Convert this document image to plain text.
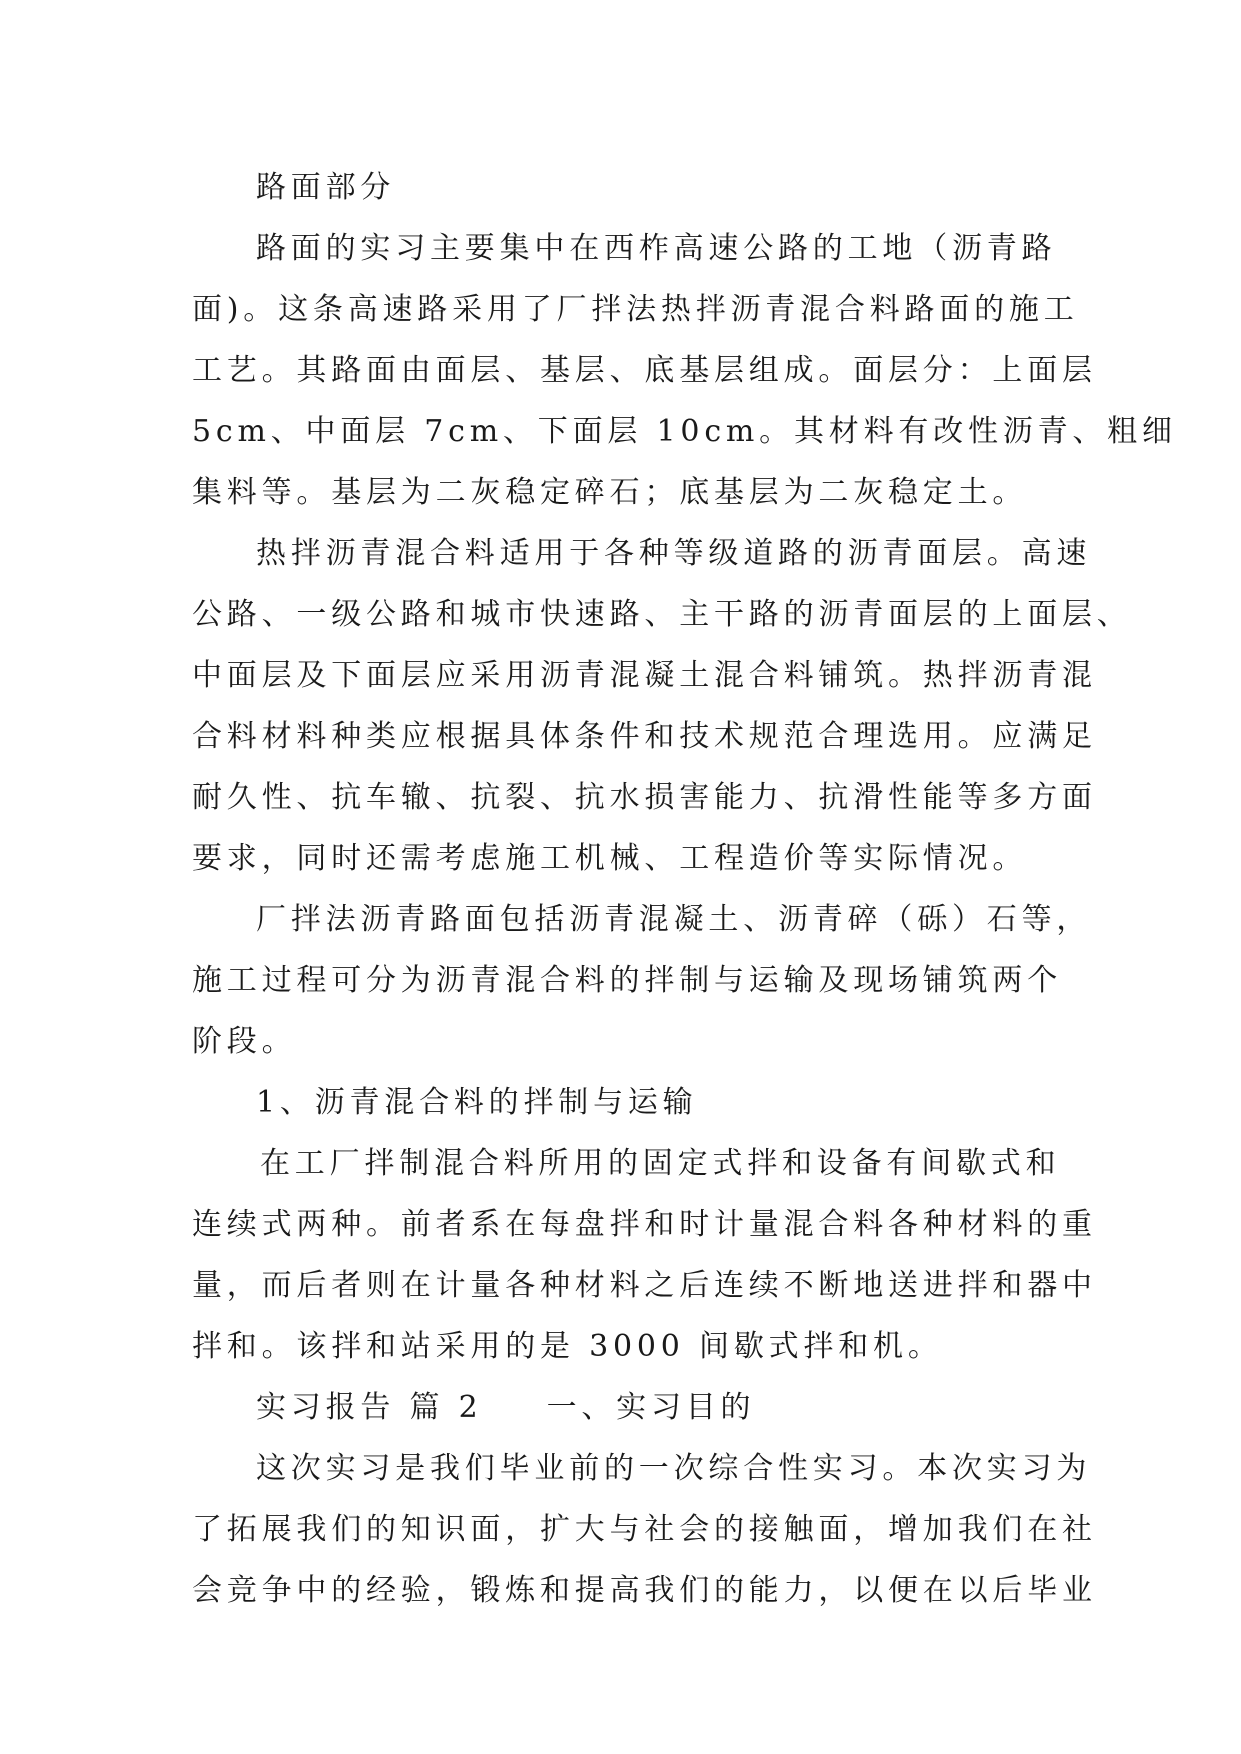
路面部分
路面的实习主要集中在西柞高速公路的工地（沥青路
面)。这条高速路采用了厂拌法热拌沥青混合料路面的施工
工艺。其路面由面层、基层、底基层组成。面层分：上面层
5cm、中面层 7cm、下面层 10cm。其材料有改性沥青、粗细
集料等。基层为二灰稳定碎石；底基层为二灰稳定土。
热拌沥青混合料适用于各种等级道路的沥青面层。高速
公路、一级公路和城市快速路、主干路的沥青面层的上面层、
中面层及下面层应采用沥青混凝土混合料铺筑。热拌沥青混
合料材料种类应根据具体条件和技术规范合理选用。应满足
耐久性、抗车辙、抗裂、抗水损害能力、抗滑性能等多方面
要求，同时还需考虑施工机械、工程造价等实际情况。
厂拌法沥青路面包括沥青混凝土、沥青碎（砾）石等，
施工过程可分为沥青混合料的拌制与运输及现场铺筑两个
阶段。
1、沥青混合料的拌制与运输
在工厂拌制混合料所用的固定式拌和设备有间歇式和
连续式两种。前者系在每盘拌和时计量混合料各种材料的重
量，而后者则在计量各种材料之后连续不断地送进拌和器中
拌和。该拌和站采用的是 3000 间歇式拌和机。
实习报告 篇 2 一、实习目的
这次实习是我们毕业前的一次综合性实习。本次实习为
了拓展我们的知识面，扩大与社会的接触面，增加我们在社
会竞争中的经验，锻炼和提高我们的能力，以便在以后毕业
